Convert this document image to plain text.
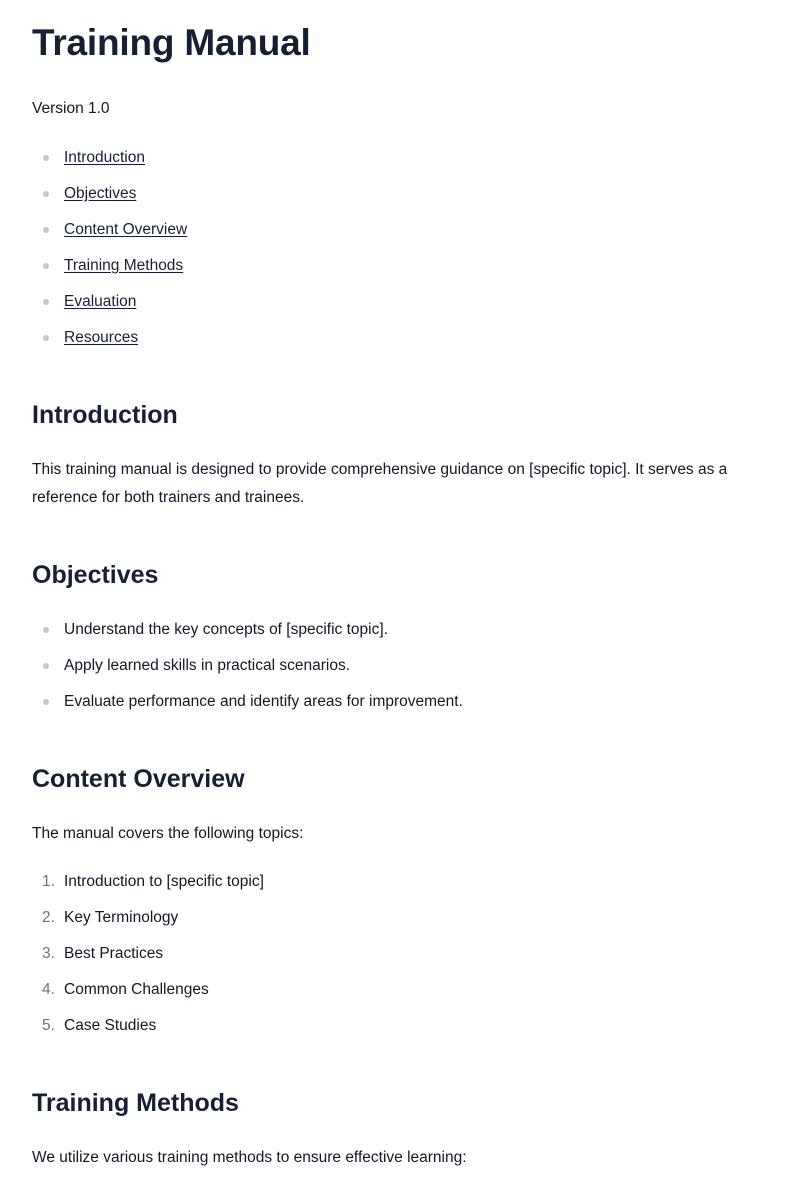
Training Manual
Version 1.0
Introduction
Objectives
Content Overview
Training Methods
Evaluation
Resources
Introduction

This training manual is designed to provide comprehensive guidance on [specific topic]. It serves as a reference for both trainers and trainees.

Objectives
Understand the key concepts of [specific topic].
Apply learned skills in practical scenarios.
Evaluate performance and identify areas for improvement.
Content Overview

The manual covers the following topics:

1. Introduction to [specific topic]
2. Key Terminology
3. Best Practices
4. Common Challenges
5. Case Studies
Training Methods

We utilize various training methods to ensure effective learning:
